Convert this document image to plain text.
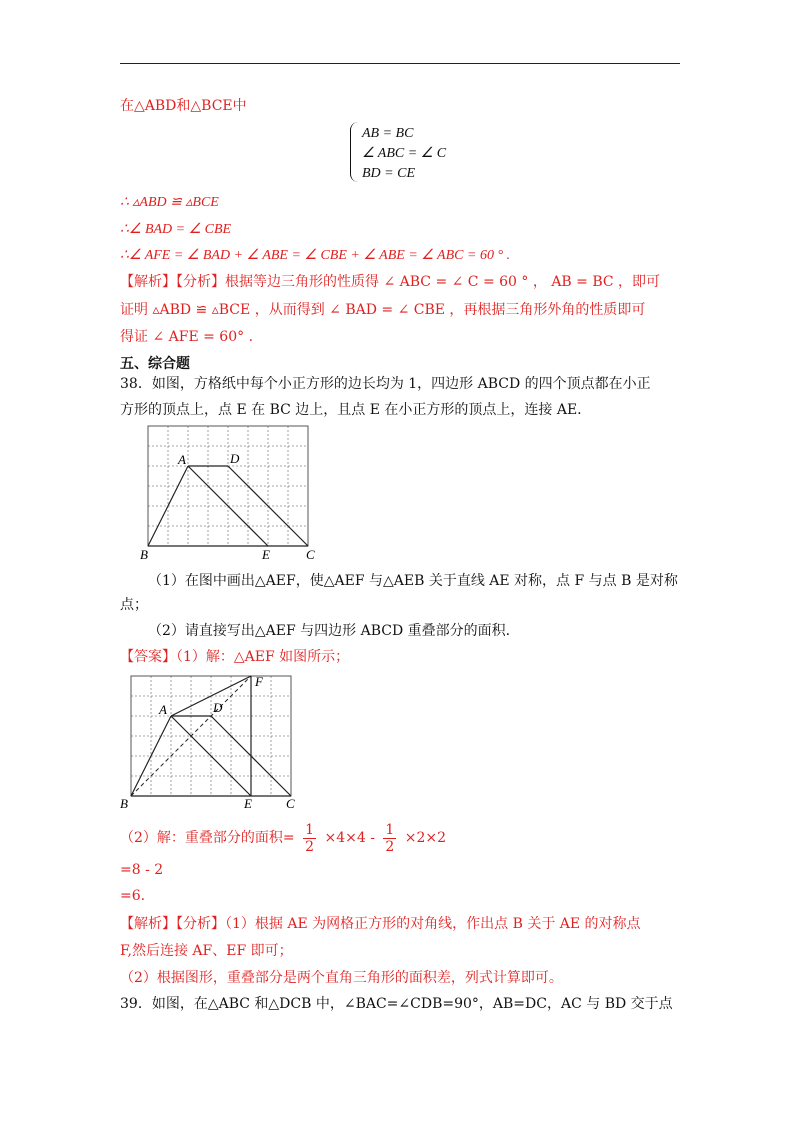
在△ABD和△BCE中
AB = BC
∠ ABC = ∠ C
BD = CE
∴ ▵ABD ≌ ▵BCE
∴∠ BAD = ∠ CBE
∴∠ AFE = ∠ BAD + ∠ ABE = ∠ CBE + ∠ ABE = ∠ ABC = 60 ° .
【解析】【分析】根据等边三角形的性质得 ∠ ABC = ∠ C = 60 ° ， AB = BC ，即可
证明 ▵ABD ≌ ▵BCE ，从而得到 ∠ BAD = ∠ CBE ，再根据三角形外角的性质即可
得证 ∠ AFE = 60° .
五、综合题
38．如图，方格纸中每个小正方形的边长均为 1，四边形 ABCD 的四个顶点都在小正
方形的顶点上，点 E 在 BC 边上，且点 E 在小正方形的顶点上，连接 AE.
A	D
B	E	C
（1）在图中画出△AEF，使△AEF 与△AEB 关于直线 AE 对称，点 F 与点 B 是对称
点；
（2）请直接写出△AEF 与四边形 ABCD 重叠部分的面积.
【答案】（1）解：△AEF 如图所示；
A	D
F
B	E	C
（2）解：重叠部分的面积= $\frac{1}{2} \times 4\times 4 - \frac{1}{2} \times 2\times 2$
=8 - 2
=6.
【解析】【分析】（1）根据 AE 为网格正方形的对角线，作出点 B 关于 AE 的对称点
F,然后连接 AF、EF 即可；
（2）根据图形，重叠部分是两个直角三角形的面积差，列式计算即可。
39．如图，在△ABC 和△DCB 中，∠BAC=∠CDB=90°，AB=DC，AC 与 BD 交于点
